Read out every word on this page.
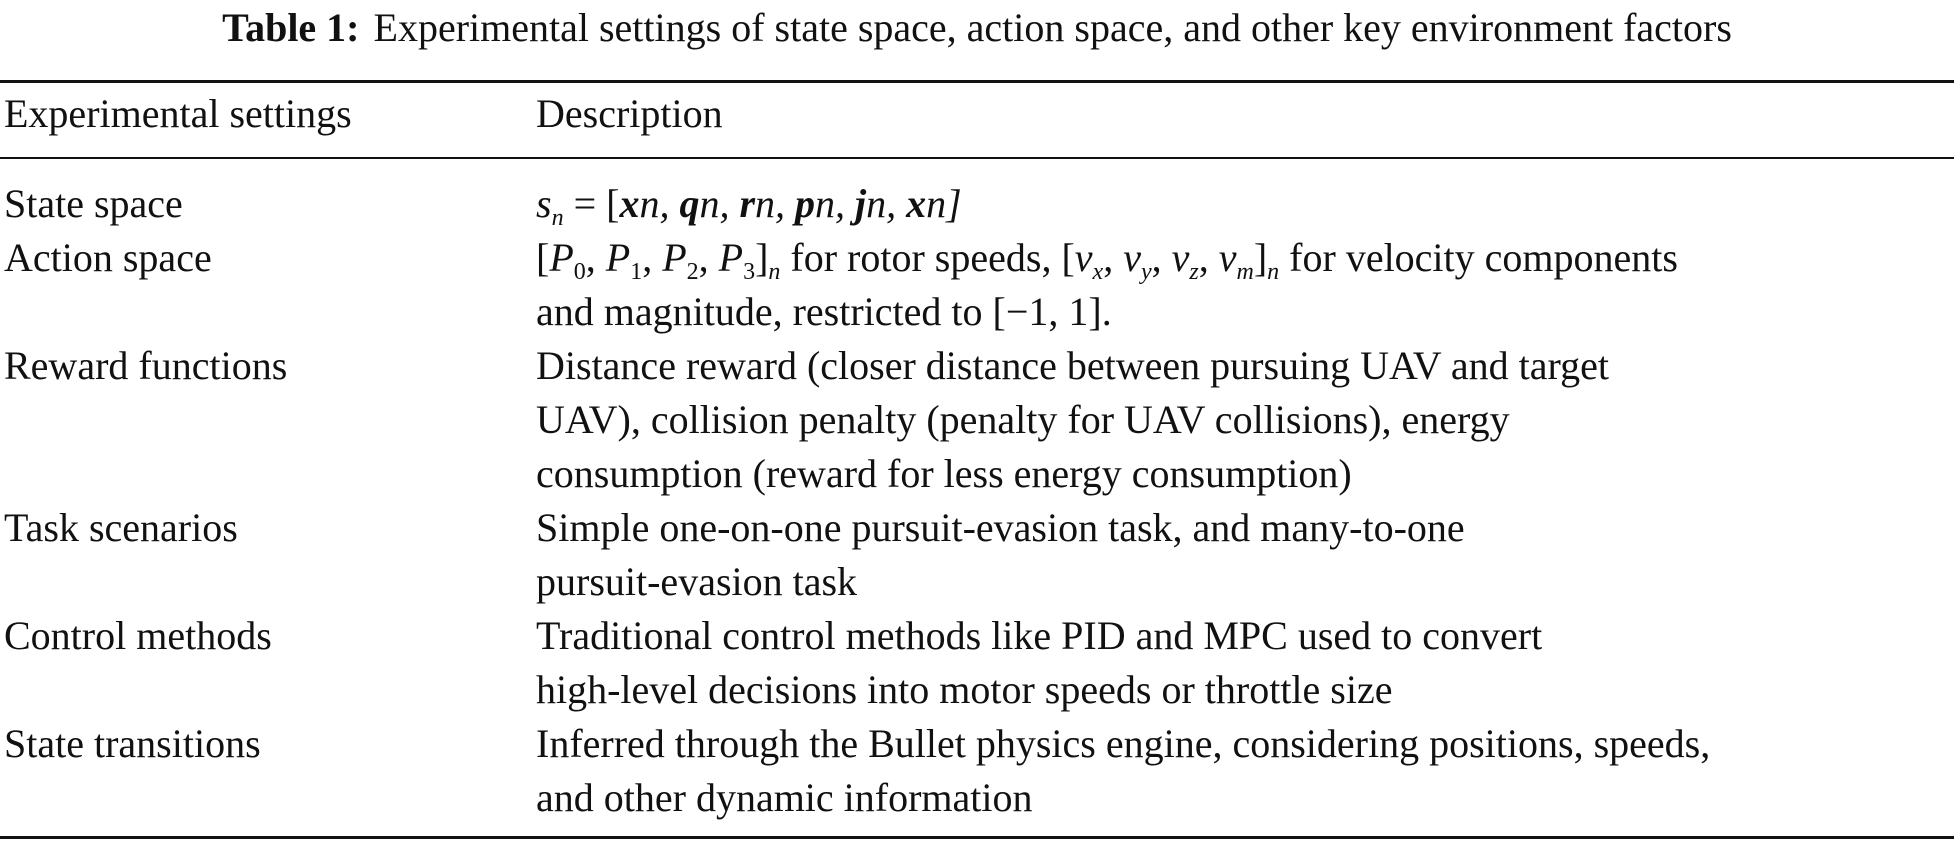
Table 1: Experimental settings of state space, action space, and other key environment factors
Experimental settings	Description
State space	$s_n = [xn$, qn, rn, pn, jn, xn]
Action space	[$P_0$, $P_1$, $P_2$, $P_3]_n$ for rotor speeds, [$v_x$, $v_y$, $v_z$, $v_m]_n$ for velocity components
and magnitude, restricted to [−1, 1].
Reward functions	Distance reward (closer distance between pursuing UAV and target
UAV), collision penalty (penalty for UAV collisions), energy
consumption (reward for less energy consumption)
Task scenarios	Simple one-on-one pursuit-evasion task, and many-to-one
pursuit-evasion task
Control methods	Traditional control methods like PID and MPC used to convert
high-level decisions into motor speeds or throttle size
State transitions	Inferred through the Bullet physics engine, considering positions, speeds,
and other dynamic information
